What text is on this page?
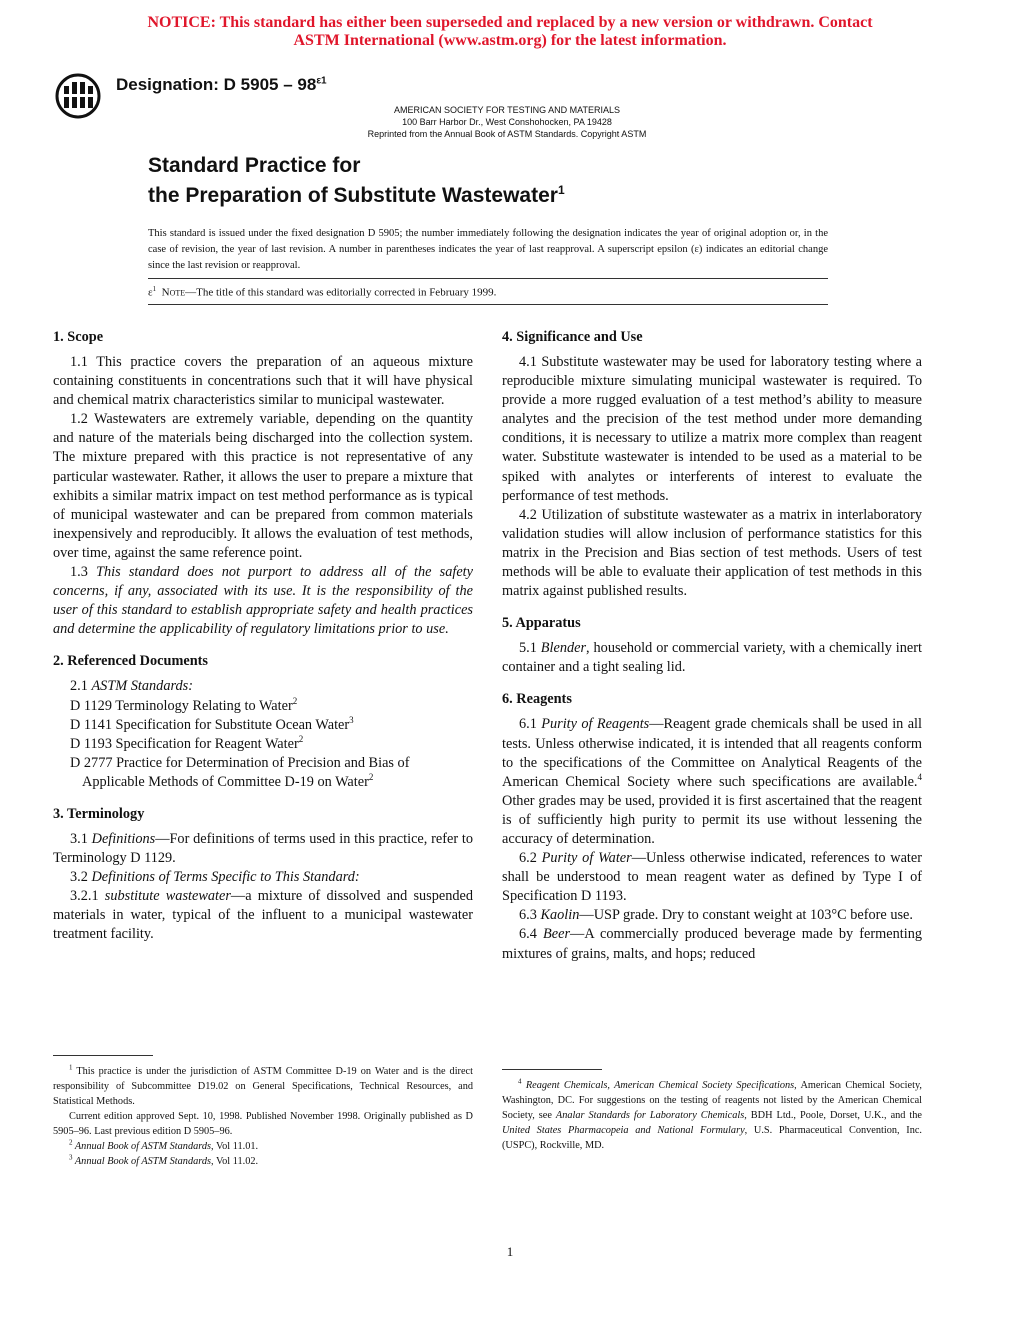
NOTICE: This standard has either been superseded and replaced by a new version or withdrawn. Contact
ASTM International (www.astm.org) for the latest information.
Designation: D $5905 - 98^{\varepsilon 1}$
AMERICAN SOCIETY FOR TESTING AND MATERIALS
100 Barr Harbor Dr., West Conshohocken, PA 19428
Reprinted from the Annual Book of ASTM Standards. Copyright ASTM
Standard Practice for
the Preparation of Substitute Wastewater$^1$
This standard is issued under the fixed designation D 5905; the number immediately following the designation indicates the year of original adoption or, in the case of revision, the year of last revision. A number in parentheses indicates the year of last reapproval. A superscript epsilon (ε) indicates an editorial change since the last revision or reapproval.
$\varepsilon^1$ Note—The title of this standard was editorially corrected in February 1999.
1. Scope

1.1 This practice covers the preparation of an aqueous mixture containing constituents in concentrations such that it will have physical and chemical matrix characteristics similar to municipal wastewater.

1.2 Wastewaters are extremely variable, depending on the quantity and nature of the materials being discharged into the collection system. The mixture prepared with this practice is not representative of any particular wastewater. Rather, it allows the user to prepare a mixture that exhibits a similar matrix impact on test method performance as is typical of municipal wastewater and can be prepared from common materials inexpensively and reproducibly. It allows the evaluation of test methods, over time, against the same reference point.

1.3 This standard does not purport to address all of the safety concerns, if any, associated with its use. It is the responsibility of the user of this standard to establish appropriate safety and health practices and determine the applicability of regulatory limitations prior to use.

2. Referenced Documents

2.1 ASTM Standards:

D 1129 Terminology Relating to Water$^2$

D 1141 Specification for Substitute Ocean Water$^3$

D 1193 Specification for Reagent Water$^2$

D 2777 Practice for Determination of Precision and Bias of Applicable Methods of Committee D-19 on Water$^2$

3. Terminology

3.1 Definitions—For definitions of terms used in this practice, refer to Terminology D 1129.

3.2 Definitions of Terms Specific to This Standard:

3.2.1 substitute wastewater—a mixture of dissolved and suspended materials in water, typical of the influent to a municipal wastewater treatment facility.

4. Significance and Use

4.1 Substitute wastewater may be used for laboratory testing where a reproducible mixture simulating municipal wastewater is required. To provide a more rugged evaluation of a test method’s ability to measure analytes and the precision of the test method under more demanding conditions, it is necessary to utilize a matrix more complex than reagent water. Substitute wastewater is intended to be used as a material to be spiked with analytes or interferents of interest to evaluate the performance of test methods.

4.2 Utilization of substitute wastewater as a matrix in interlaboratory validation studies will allow inclusion of performance statistics for this matrix in the Precision and Bias section of test methods. Users of test methods will be able to evaluate their application of test methods in this matrix against published results.

5. Apparatus

5.1 Blender, household or commercial variety, with a chemically inert container and a tight sealing lid.

6. Reagents

6.1 Purity of Reagents—Reagent grade chemicals shall be used in all tests. Unless otherwise indicated, it is intended that all reagents conform to the specifications of the Committee on Analytical Reagents of the American Chemical Society where such specifications are available.$^4$ Other grades may be used, provided it is first ascertained that the reagent is of sufficiently high purity to permit its use without lessening the accuracy of determination.

6.2 Purity of Water—Unless otherwise indicated, references to water shall be understood to mean reagent water as defined by Type I of Specification D 1193.

6.3 Kaolin—USP grade. Dry to constant weight at 103°C before use.

6.4 Beer—A commercially produced beverage made by fermenting mixtures of grains, malts, and hops; reduced

$^1$ This practice is under the jurisdiction of ASTM Committee D-19 on Water and is the direct responsibility of Subcommittee D19.02 on General Specifications, Technical Resources, and Statistical Methods.

Current edition approved Sept. 10, 1998. Published November 1998. Originally published as D 5905–96. Last previous edition D 5905–96.

$^2$ Annual Book of ASTM Standards, Vol 11.01.

$^3$ Annual Book of ASTM Standards, Vol 11.02.

$^4$ Reagent Chemicals, American Chemical Society Specifications, American Chemical Society, Washington, DC. For suggestions on the testing of reagents not listed by the American Chemical Society, see Analar Standards for Laboratory Chemicals, BDH Ltd., Poole, Dorset, U.K., and the United States Pharmacopeia and National Formulary, U.S. Pharmaceutical Convention, Inc. (USPC), Rockville, MD.

1
